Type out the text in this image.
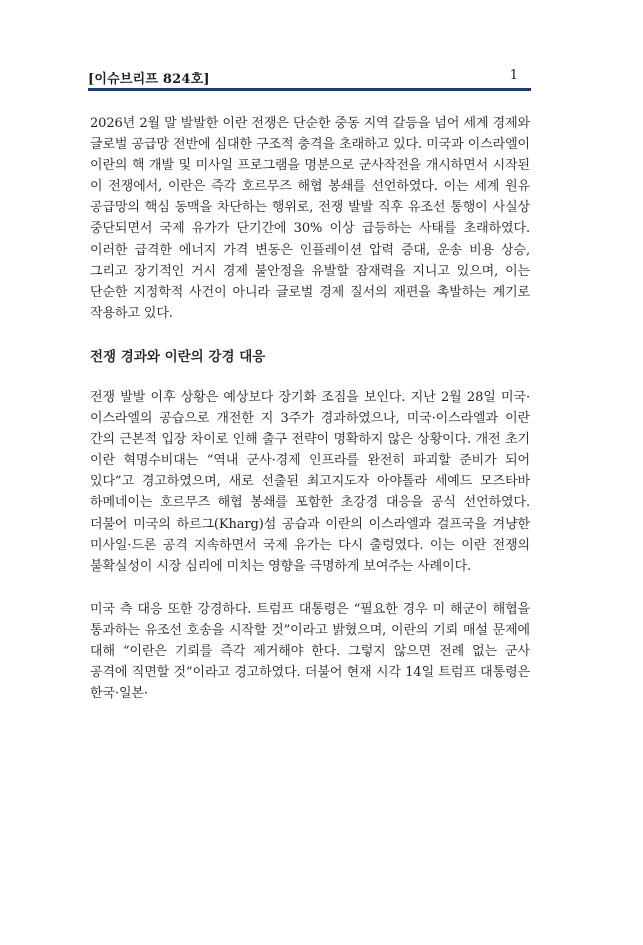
[이슈브리프 824호]	1

2026년 2월 말 발발한 이란 전쟁은 단순한 중동 지역 갈등을 넘어 세계 경제와 글로벌 공급망 전반에 심대한 구조적 충격을 초래하고 있다. 미국과 이스라엘이 이란의 핵 개발 및 미사일 프로그램을 명분으로 군사작전을 개시하면서 시작된 이 전쟁에서, 이란은 즉각 호르무즈 해협 봉쇄를 선언하였다. 이는 세계 원유 공급망의 핵심 동맥을 차단하는 행위로, 전쟁 발발 직후 유조선 통행이 사실상 중단되면서 국제 유가가 단기간에 30% 이상 급등하는 사태를 초래하였다. 이러한 급격한 에너지 가격 변동은 인플레이션 압력 증대, 운송 비용 상승, 그리고 장기적인 거시 경제 불안정을 유발할 잠재력을 지니고 있으며, 이는 단순한 지정학적 사건이 아니라 글로벌 경제 질서의 재편을 촉발하는 계기로 작용하고 있다.

전쟁 경과와 이란의 강경 대응

전쟁 발발 이후 상황은 예상보다 장기화 조짐을 보인다. 지난 2월 28일 미국·이스라엘의 공습으로 개전한 지 3주가 경과하였으나, 미국·이스라엘과 이란 간의 근본적 입장 차이로 인해 출구 전략이 명확하지 않은 상황이다. 개전 초기 이란 혁명수비대는 “역내 군사·경제 인프라를 완전히 파괴할 준비가 되어 있다”고 경고하였으며, 새로 선출된 최고지도자 아야톨라 세예드 모즈타바 하메네이는 호르무즈 해협 봉쇄를 포함한 초강경 대응을 공식 선언하였다. 더불어 미국의 하르그(Kharg)섬 공습과 이란의 이스라엘과 걸프국을 겨냥한 미사일·드론 공격 지속하면서 국제 유가는 다시 출렁였다. 이는 이란 전쟁의 불확실성이 시장 심리에 미치는 영향을 극명하게 보여주는 사례이다.

미국 측 대응 또한 강경하다. 트럼프 대통령은 “필요한 경우 미 해군이 해협을 통과하는 유조선 호송을 시작할 것”이라고 밝혔으며, 이란의 기뢰 매설 문제에 대해 “이란은 기뢰를 즉각 제거해야 한다. 그렇지 않으면 전례 없는 군사 공격에 직면할 것”이라고 경고하였다. 더불어 현재 시각 14일 트럼프 대통령은 한국·일본·
